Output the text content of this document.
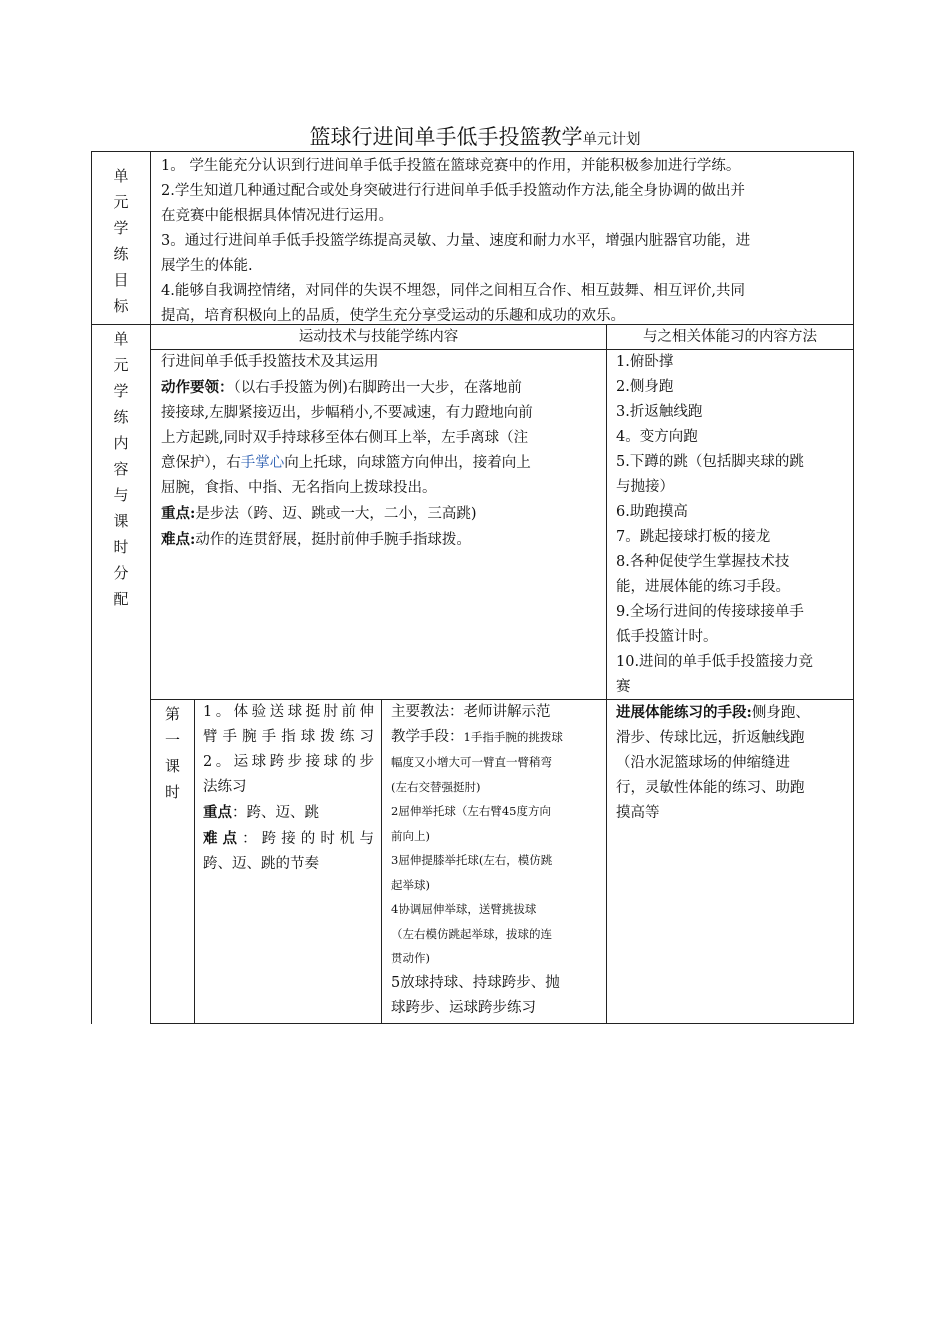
篮球行进间单手低手投篮教学单元计划
单
元
学
练
目
标

1。 学生能充分认识到行进间单手低手投篮在篮球竞赛中的作用，并能积极参加进行学练。

2.学生知道几种通过配合或处身突破进行行进间单手低手投篮动作方法,能全身协调的做出并

在竞赛中能根据具体情况进行运用。

3。通过行进间单手低手投篮学练提高灵敏、力量、速度和耐力水平，增强内脏器官功能，进

展学生的体能.

4.能够自我调控情绪，对同伴的失误不埋怨，同伴之间相互合作、相互鼓舞、相互评价,共同

提高，培育积极向上的品质，使学生充分享受运动的乐趣和成功的欢乐。

单
元
学
练
内
容
与
课
时
分
配
运动技术与技能学练内容	与之相关体能习的内容方法

行进间单手低手投篮技术及其运用

动作要领：（以右手投篮为例)右脚跨出一大步，在落地前

接接球,左脚紧接迈出，步幅稍小,不要减速，有力蹬地向前

上方起跳,同时双手持球移至体右侧耳上举，左手离球（注

意保护），右手掌心向上托球，向球篮方向伸出，接着向上

屈腕，食指、中指、无名指向上拨球投出。

重点:是步法（跨、迈、跳或一大，二小，三高跳)

难点:动作的连贯舒展，挺肘前伸手腕手指球拨。

1.俯卧撑

2.侧身跑

3.折返触线跑

4。变方向跑

5.下蹲的跳（包括脚夹球的跳

与抛接）

6.助跑摸高

7。跳起接球打板的接龙

8.各种促使学生掌握技术技

能，进展体能的练习手段。

9.全场行进间的传接球接单手

低手投篮计时。

10.进间的单手低手投篮接力竞

赛

第
一
课
时

1。体验送球挺肘前伸

臂手腕手指球拨练习

2。运球跨步接球的步

法练习

重点：跨、迈、跳

难点：跨接的时机与

跨、迈、跳的节奏

主要教法：老师讲解示范

教学手段：1手指手腕的挑拨球

幅度又小增大可一臂直一臂稍弯

(左右交替强挺肘)

2屈伸举托球（左右臂45度方向

前向上)

3屈伸提膝举托球(左右，模仿跳

起举球)

4协调屈伸举球，送臂挑拔球

（左右模仿跳起举球，拔球的连

贯动作)

5放球持球、持球跨步、抛

球跨步、运球跨步练习

进展体能练习的手段:侧身跑、

滑步、传球比远，折返触线跑

（沿水泥篮球场的伸缩缝进

行，灵敏性体能的练习、助跑

摸高等
